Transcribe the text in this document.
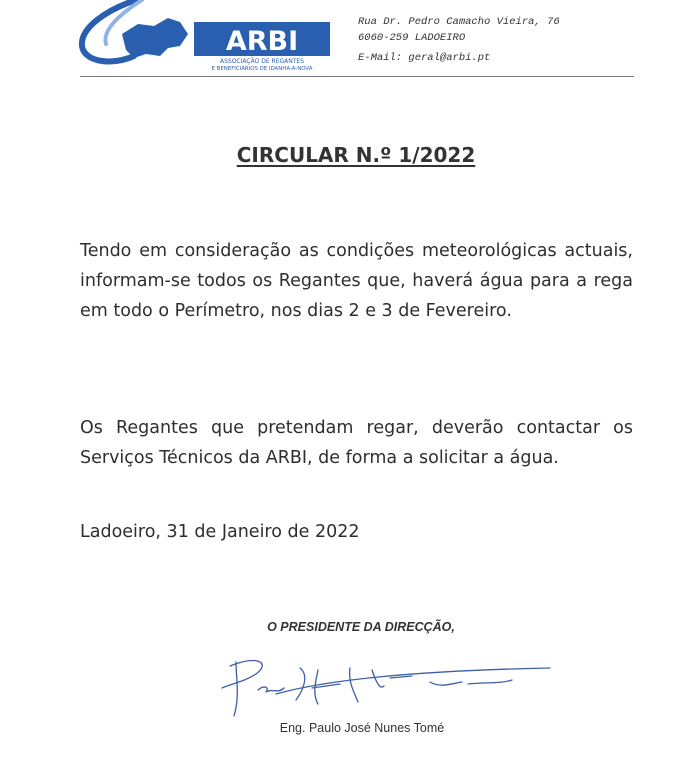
ARBI
ASSOCIAÇÃO DE REGANTES
E BENEFICIÁRIOS DE IDANHA-A-NOVA
Rua Dr. Pedro Camacho Vieira, 76
6060-259 LADOEIRO
E-Mail: geral@arbi.pt
CIRCULAR N.º 1/2022
Tendo em consideração as condições meteorológicas actuais, informam-se todos os Regantes que, haverá água para a rega em todo o Perímetro, nos dias 2 e 3 de Fevereiro.
Os Regantes que pretendam regar, deverão contactar os Serviços Técnicos da ARBI, de forma a solicitar a água.
Ladoeiro, 31 de Janeiro de 2022
O PRESIDENTE DA DIRECÇÃO,
Eng. Paulo José Nunes Tomé
